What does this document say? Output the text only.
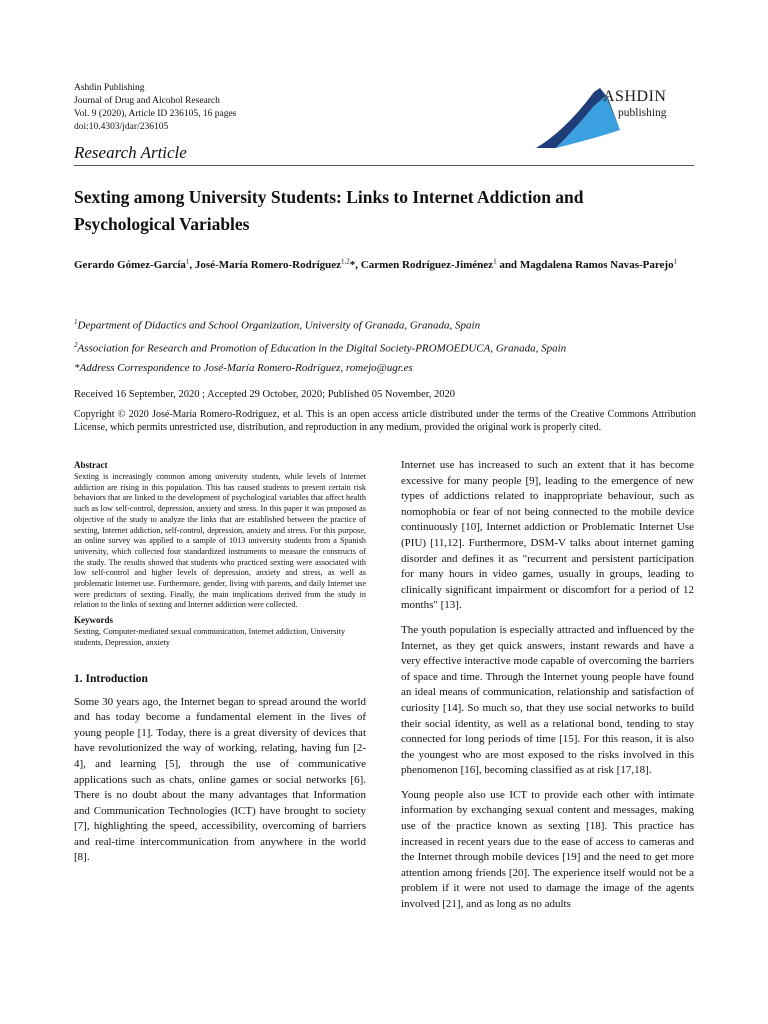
Ashdin Publishing
Journal of Drug and Alcohol Research
Vol. 9 (2020), Article ID 236105, 16 pages
doi:10.4303/jdar/236105
ASHDIN
publishing
Research Article
Sexting among University Students: Links to Internet Addiction and Psychological Variables
Gerardo Gómez-García$^1$, José-María Romero-Rodríguez$^{1,2}$*, Carmen Rodríguez-Jiménez$^1$ and Magdalena Ramos Navas-Parejo$^1$
$^1$Department of Didactics and School Organization, University of Granada, Granada, Spain
$^2$Association for Research and Promotion of Education in the Digital Society-PROMOEDUCA, Granada, Spain
*Address Correspondence to José-María Romero-Rodríguez, romejo@ugr.es
Received 16 September, 2020 ; Accepted 29 October, 2020; Published 05 November, 2020
Copyright © 2020 José-María Romero-Rodríguez, et al. This is an open access article distributed under the terms of the Creative Commons Attribution License, which permits unrestricted use, distribution, and reproduction in any medium, provided the original work is properly cited.
Abstract
Sexting is increasingly common among university students, while levels of Internet addiction are rising in this population. This has caused students to present certain risk behaviors that are linked to the development of psychological variables that affect health such as low self-control, depression, anxiety and stress. In this paper it was proposed as objective of the study to analyze the links that are established between the practice of sexting, Internet addiction, self-control, depression, anxiety and stress. For this purpose, an online survey was applied to a sample of 1013 university students from a Spanish university, which collected four standardized instruments to measure the constructs of the study. The results showed that students who practiced sexting were associated with low self-control and higher levels of depression, anxiety and stress, as well as problematic Internet use. Furthermore, gender, living with parents, and daily Internet use were predictors of sexting. Finally, the main implications derived from the study in relation to the links of sexting and Internet addiction were collected.
Keywords
Sexting, Computer-mediated sexual communication, Internet addiction, University students, Depression, anxiety
1. Introduction

Some 30 years ago, the Internet began to spread around the world and has today become a fundamental element in the lives of young people [1]. Today, there is a great diversity of devices that have revolutionized the way of working, relating, having fun [2-4], and learning [5], through the use of communicative applications such as chats, online games or social networks [6]. There is no doubt about the many advantages that Information and Communication Technologies (ICT) have brought to society [7], highlighting the speed, accessibility, overcoming of barriers and real-time intercommunication from anywhere in the world [8].

Internet use has increased to such an extent that it has become excessive for many people [9], leading to the emergence of new types of addictions related to inappropriate behaviour, such as nomophobia or fear of not being connected to the mobile device continuously [10], Internet addiction or Problematic Internet Use (PIU) [11,12]. Furthermore, DSM-V talks about internet gaming disorder and defines it as "recurrent and persistent participation for many hours in video games, usually in groups, leading to clinically significant impairment or discomfort for a period of 12 months" [13].

The youth population is especially attracted and influenced by the Internet, as they get quick answers, instant rewards and have a very effective interactive mode capable of overcoming the barriers of space and time. Through the Internet young people have found an ideal means of communication, relationship and satisfaction of curiosity [14]. So much so, that they use social networks to build their social identity, as well as a relational bond, tending to stay connected for long periods of time [15]. For this reason, it is also the youngest who are most exposed to the risks involved in this phenomenon [16], becoming classified as at risk [17,18].

Young people also use ICT to provide each other with intimate information by exchanging sexual content and messages, making use of the practice known as sexting [18]. This practice has increased in recent years due to the ease of access to cameras and the Internet through mobile devices [19] and the need to get more attention among friends [20]. The experience itself would not be a problem if it were not used to damage the image of the agents involved [21], and as long as no adults
